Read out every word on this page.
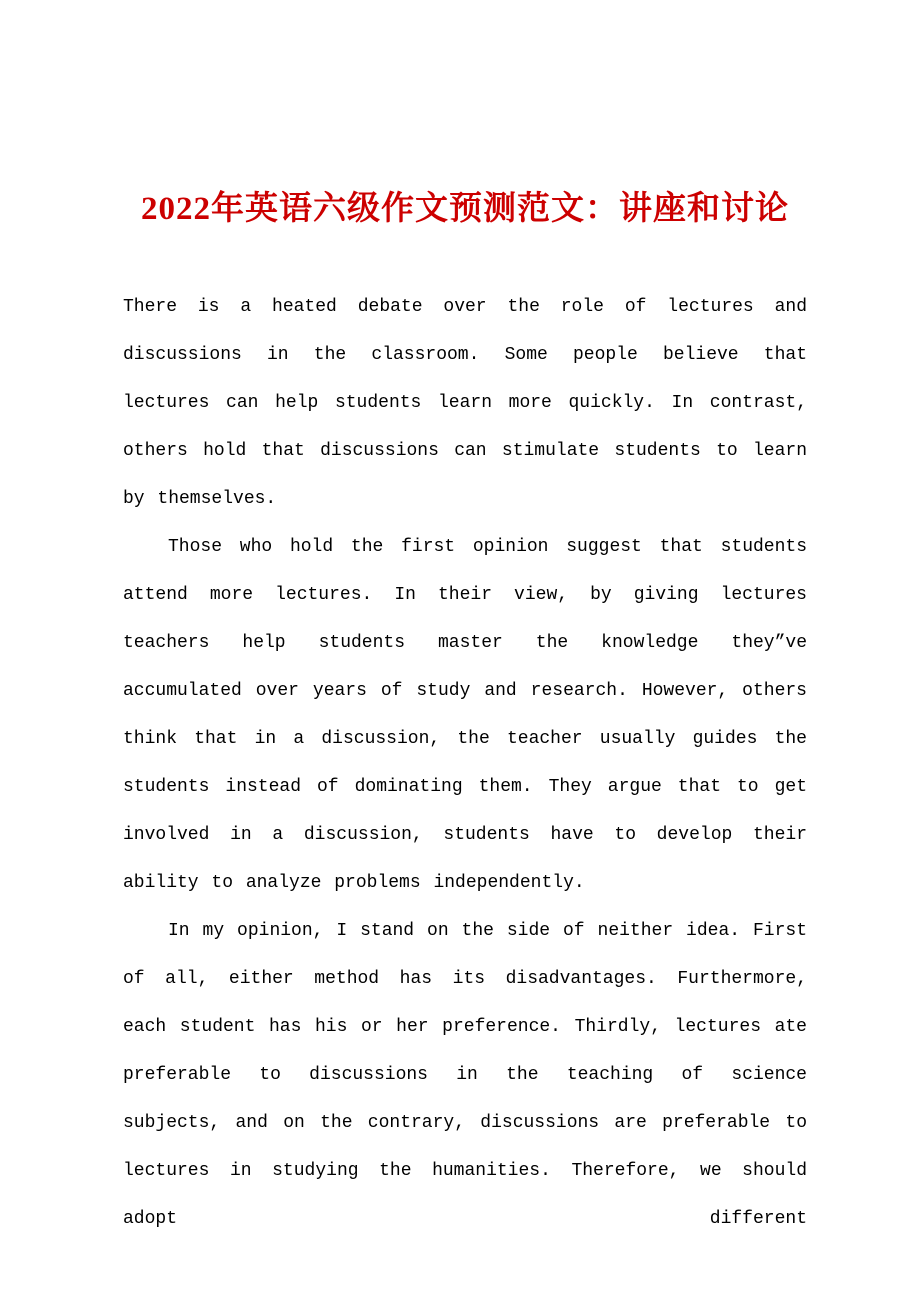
2022年英语六级作文预测范文：讲座和讨论

There is a heated debate over the role of lectures and discussions in the classroom. Some people believe that lectures can help students learn more quickly. In contrast, others hold that discussions can stimulate students to learn by themselves.

Those who hold the first opinion suggest that students attend more lectures. In their view, by giving lectures teachers help students master the knowledge they”ve accumulated over years of study and research. However, others think that in a discussion, the teacher usually guides the students instead of dominating them. They argue that to get involved in a discussion, students have to develop their ability to analyze problems independently.

In my opinion, I stand on the side of neither idea. First of all, either method has its disadvantages. Furthermore, each student has his or her preference. Thirdly, lectures ate preferable to discussions in the teaching of science subjects, and on the contrary, discussions are preferable to lectures in studying the humanities. Therefore, we should adopt different
